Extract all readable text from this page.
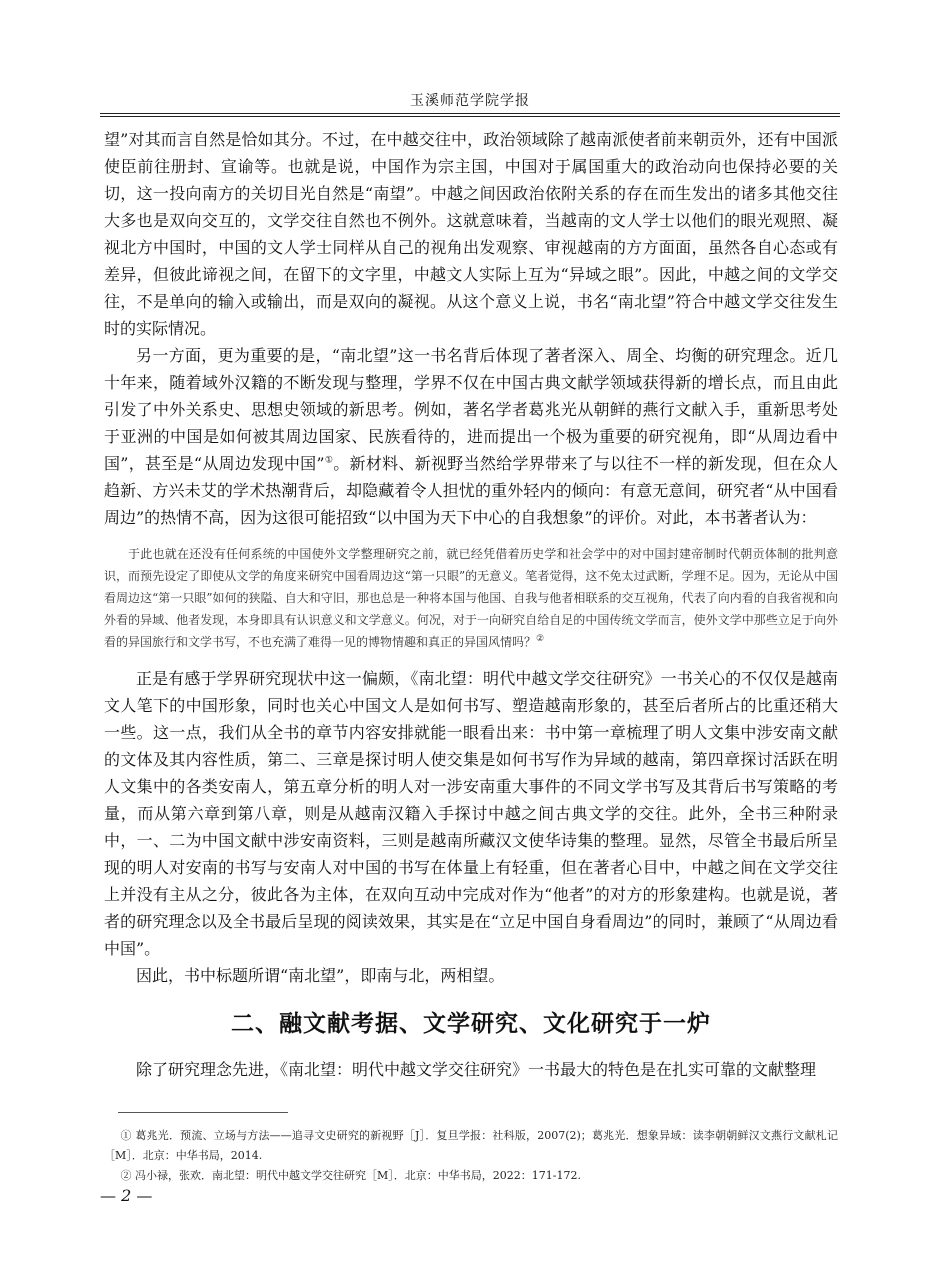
玉溪师范学院学报

望”对其而言自然是恰如其分。不过，在中越交往中，政治领域除了越南派使者前来朝贡外，还有中国派使臣前往册封、宣谕等。也就是说，中国作为宗主国，中国对于属国重大的政治动向也保持必要的关切，这一投向南方的关切目光自然是“南望”。中越之间因政治依附关系的存在而生发出的诸多其他交往大多也是双向交互的，文学交往自然也不例外。这就意味着，当越南的文人学士以他们的眼光观照、凝视北方中国时，中国的文人学士同样从自己的视角出发观察、审视越南的方方面面，虽然各自心态或有差异，但彼此谛视之间，在留下的文字里，中越文人实际上互为“异域之眼”。因此，中越之间的文学交往，不是单向的输入或输出，而是双向的凝视。从这个意义上说，书名“南北望”符合中越文学交往发生时的实际情况。

另一方面，更为重要的是，“南北望”这一书名背后体现了著者深入、周全、均衡的研究理念。近几十年来，随着域外汉籍的不断发现与整理，学界不仅在中国古典文献学领域获得新的增长点，而且由此引发了中外关系史、思想史领域的新思考。例如，著名学者葛兆光从朝鲜的燕行文献入手，重新思考处于亚洲的中国是如何被其周边国家、民族看待的，进而提出一个极为重要的研究视角，即“从周边看中国”，甚至是“从周边发现中国”①。新材料、新视野当然给学界带来了与以往不一样的新发现，但在众人趋新、方兴未艾的学术热潮背后，却隐藏着令人担忧的重外轻内的倾向：有意无意间，研究者“从中国看周边”的热情不高，因为这很可能招致“以中国为天下中心的自我想象”的评价。对此，本书著者认为：

于此也就在还没有任何系统的中国使外文学整理研究之前，就已经凭借着历史学和社会学中的对中国封建帝制时代朝贡体制的批判意识，而预先设定了即使从文学的角度来研究中国看周边这“第一只眼”的无意义。笔者觉得，这不免太过武断，学理不足。因为，无论从中国看周边这“第一只眼”如何的狭隘、自大和守旧，那也总是一种将本国与他国、自我与他者相联系的交互视角，代表了向内看的自我省视和向外看的异域、他者发现，本身即具有认识意义和文学意义。何况，对于一向研究自给自足的中国传统文学而言，使外文学中那些立足于向外看的异国旅行和文学书写，不也充满了难得一见的博物情趣和真正的异国风情吗？②

正是有感于学界研究现状中这一偏颇，《南北望：明代中越文学交往研究》一书关心的不仅仅是越南文人笔下的中国形象，同时也关心中国文人是如何书写、塑造越南形象的，甚至后者所占的比重还稍大一些。这一点，我们从全书的章节内容安排就能一眼看出来：书中第一章梳理了明人文集中涉安南文献的文体及其内容性质，第二、三章是探讨明人使交集是如何书写作为异域的越南，第四章探讨活跃在明人文集中的各类安南人，第五章分析的明人对一涉安南重大事件的不同文学书写及其背后书写策略的考量，而从第六章到第八章，则是从越南汉籍入手探讨中越之间古典文学的交往。此外，全书三种附录中，一、二为中国文献中涉安南资料，三则是越南所藏汉文使华诗集的整理。显然，尽管全书最后所呈现的明人对安南的书写与安南人对中国的书写在体量上有轻重，但在著者心目中，中越之间在文学交往上并没有主从之分，彼此各为主体，在双向互动中完成对作为“他者”的对方的形象建构。也就是说，著者的研究理念以及全书最后呈现的阅读效果，其实是在“立足中国自身看周边”的同时，兼顾了“从周边看中国”。

因此，书中标题所谓“南北望”，即南与北，两相望。

二、融文献考据、文学研究、文化研究于一炉

除了研究理念先进，《南北望：明代中越文学交往研究》一书最大的特色是在扎实可靠的文献整理

① 葛兆光．预流、立场与方法——追寻文史研究的新视野［J］．复旦学报：社科版，2007(2)；葛兆光．想象异域：读李朝朝鲜汉文燕行文献札记［M］．北京：中华书局，2014.
② 冯小禄，张欢．南北望：明代中越文学交往研究［M］．北京：中华书局，2022：171-172.
— 2 —
